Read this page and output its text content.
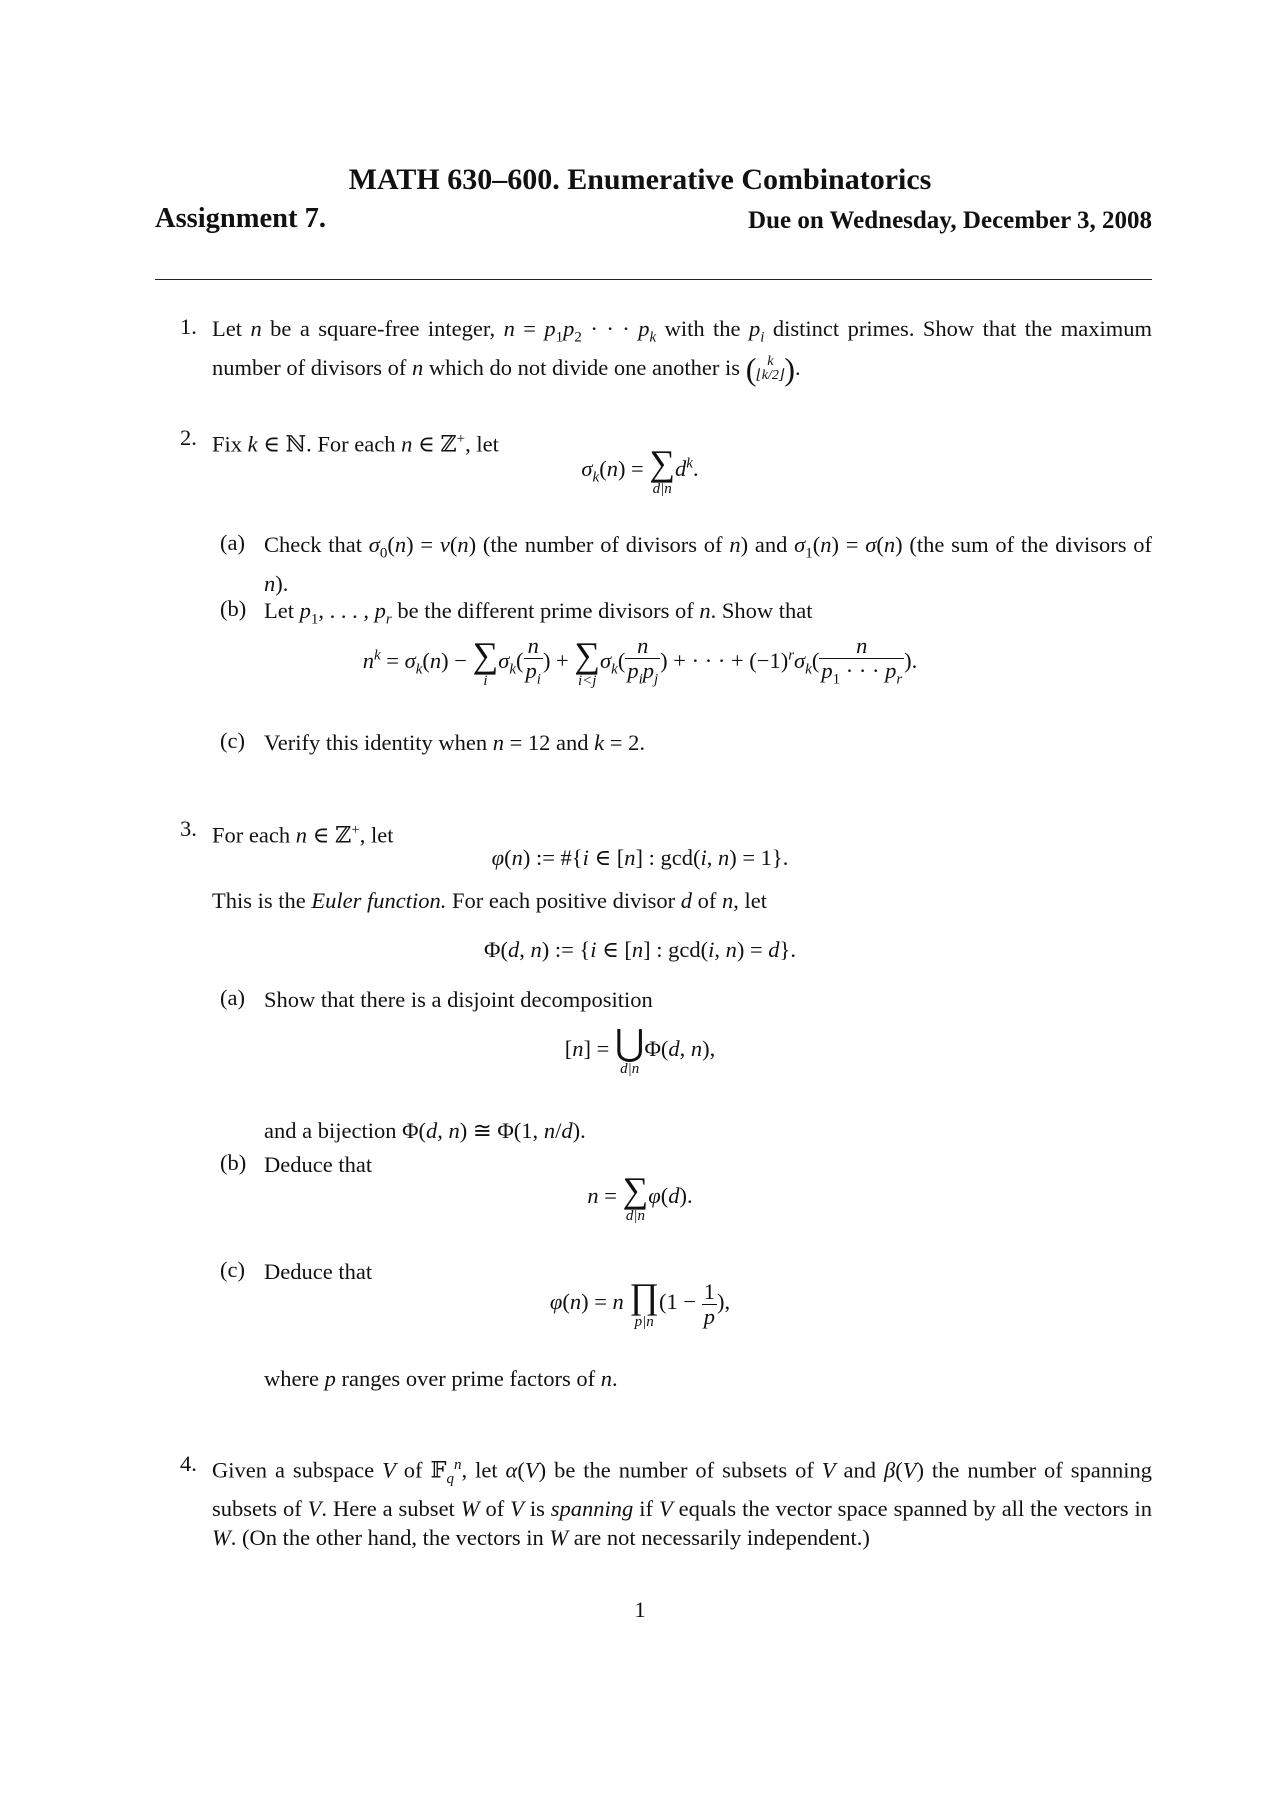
MATH 630–600. Enumerative Combinatorics
Assignment 7.	Due on Wednesday, December 3, 2008
1. Let n be a square-free integer, $n = p_1p_2$ · · · $p_k$ with the $p_i$ distinct primes. Show that the maximum number of divisors of n which do not divide one another is ( k
⌊k/2⌋ ) .
2. Fix k ∈ ℕ. For each n ∈ ℤ+, let
$\sigma_k(n)$ = ∑
d|n
$d^k$.
(a) Check that $\sigma_0(n) = \nu(n)$ (the number of divisors of n) and $\sigma_1(n) = \sigma(n)$ (the sum of the divisors of n).
(b) Let $p_1$, . . . , $p_r$ be the different prime divisors of n. Show that
$n^k = \sigma_k(n)$ − ∑
i
$\sigma_k( \frac{n}{p_i}$ ) + ∑
i<j
$\sigma_k( \frac{n}{p_ip_j}$ ) + · · · + $(-1)^r\sigma_k( \frac{n}{p_1 \cdot \cdot \cdot p_r}$ ).
(c) Verify this identity when n = 12 and k = 2.
3. For each n ∈ ℤ+, let
φ(n) := #{i ∈ [n] : gcd(i, n) = 1}.
This is the Euler function. For each positive divisor d of n, let
Φ(d, n) := {i ∈ [n] : gcd(i, n) = d}.
(a) Show that there is a disjoint decomposition
[n] = ⋃
d|n
Φ(d, n),
and a bijection Φ(d, n) ≅ Φ(1, n/d).
(b) Deduce that
n = ∑
d|n
φ(d).
(c) Deduce that
φ(n) = n ∏
p|n
($1 - \frac{1}{p}$ ),
where p ranges over prime factors of n.
4. Given a subspace V of 𝔽$_q^n$, let α(V) be the number of subsets of V and β(V) the number of spanning subsets of V. Here a subset W of V is spanning if V equals the vector space spanned by all the vectors in W. (On the other hand, the vectors in W are not necessarily independent.)
1
